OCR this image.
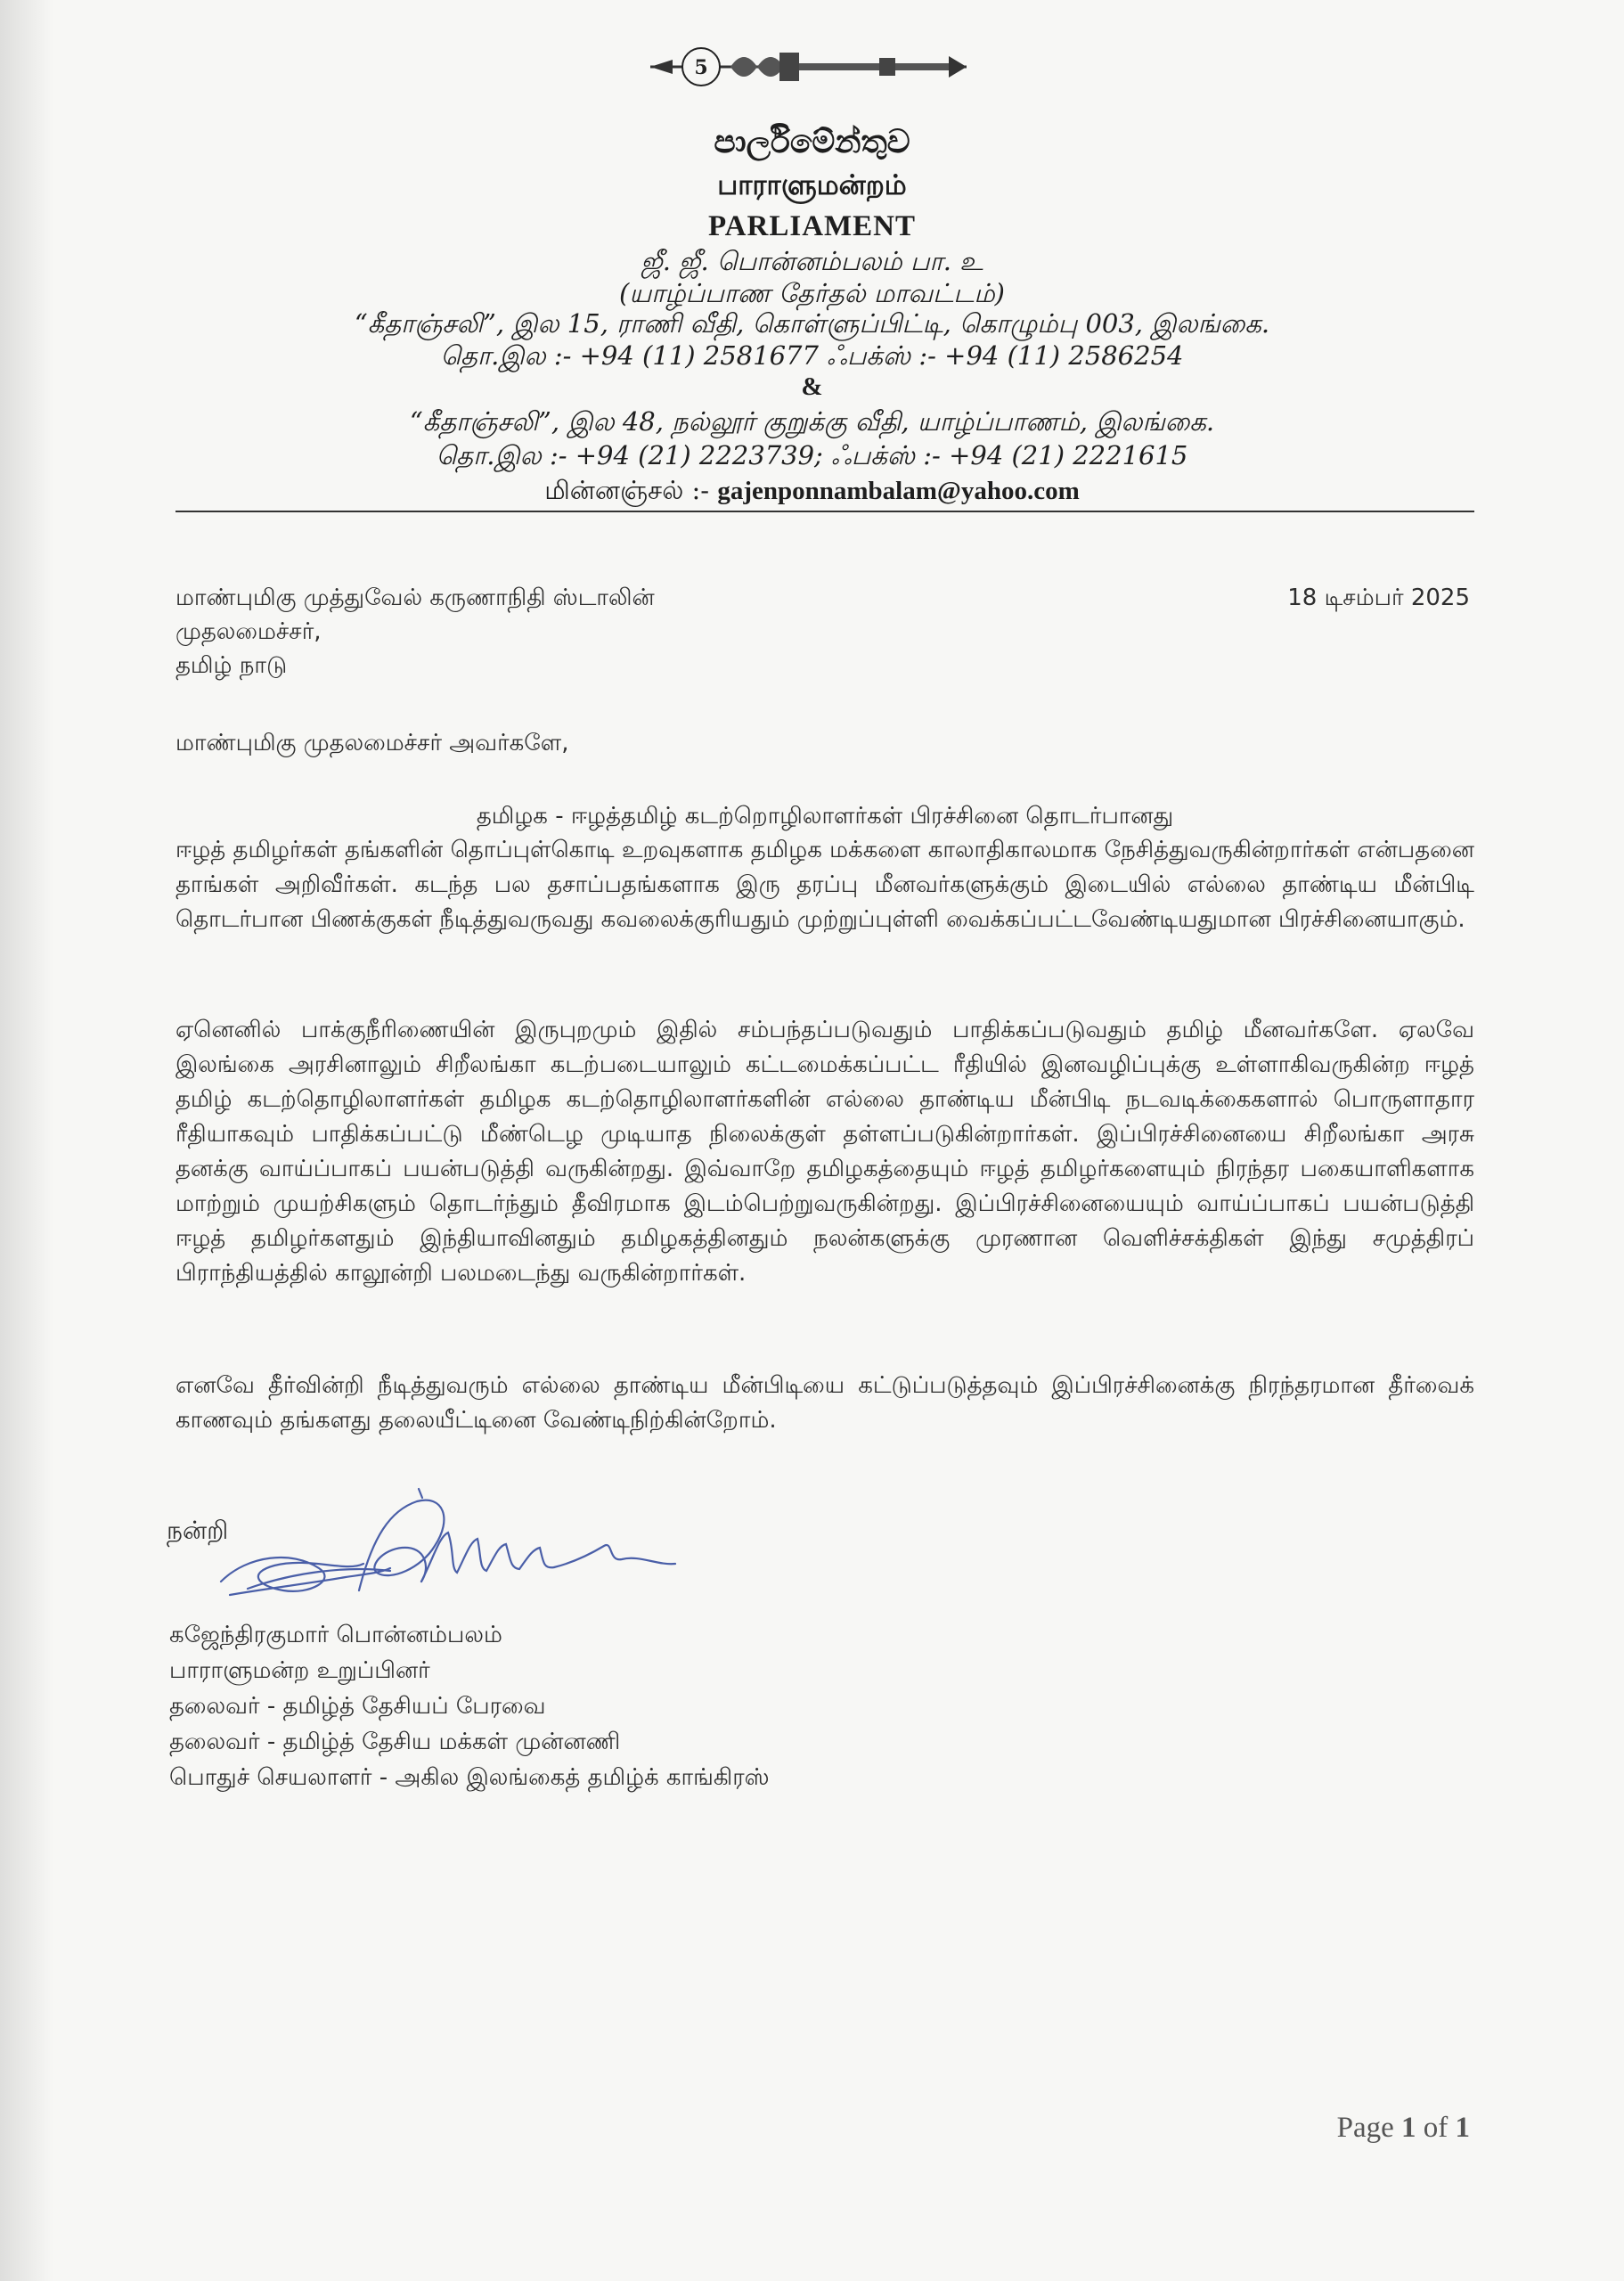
5
පාර්ලිමේන්තුව
பாராளுமன்றம்
PARLIAMENT
ஜீ. ஜீ. பொன்னம்பலம் பா. உ
(யாழ்ப்பாண தேர்தல் மாவட்டம்)
“கீதாஞ்சலி”, இல 15, ராணி வீதி, கொள்ளுப்பிட்டி, கொழும்பு 003, இலங்கை.
தொ.இல :- +94 (11) 2581677 ஃபக்ஸ் :- +94 (11) 2586254
&
“கீதாஞ்சலி”, இல 48, நல்லூர் குறுக்கு வீதி, யாழ்ப்பாணம், இலங்கை.
தொ.இல :- +94 (21) 2223739; ஃபக்ஸ் :- +94 (21) 2221615
மின்னஞ்சல் :- gajenponnambalam@yahoo.com
மாண்புமிகு முத்துவேல் கருணாநிதி ஸ்டாலின்
முதலமைச்சர்,
தமிழ் நாடு
18 டிசம்பர் 2025
மாண்புமிகு முதலமைச்சர் அவர்களே,
தமிழக - ஈழத்தமிழ் கடற்றொழிலாளர்கள் பிரச்சினை தொடர்பானது
ஈழத் தமிழர்கள் தங்களின் தொப்புள்கொடி உறவுகளாக தமிழக மக்களை காலாதிகாலமாக நேசித்துவருகின்றார்கள் என்பதனை தாங்கள் அறிவீர்கள். கடந்த பல தசாப்பதங்களாக இரு தரப்பு மீனவர்களுக்கும் இடையில் எல்லை தாண்டிய மீன்பிடி தொடர்பான பிணக்குகள் நீடித்துவருவது கவலைக்குரியதும் முற்றுப்புள்ளி வைக்கப்பட்டவேண்டியதுமான பிரச்சினையாகும்.
ஏனெனில் பாக்குநீரிணையின் இருபுறமும் இதில் சம்பந்தப்படுவதும் பாதிக்கப்படுவதும் தமிழ் மீனவர்களே. ஏலவே இலங்கை அரசினாலும் சிறீலங்கா கடற்படையாலும் கட்டமைக்கப்பட்ட ரீதியில் இனவழிப்புக்கு உள்ளாகிவருகின்ற ஈழத் தமிழ் கடற்தொழிலாளர்கள் தமிழக கடற்தொழிலாளர்களின் எல்லை தாண்டிய மீன்பிடி நடவடிக்கைகளால் பொருளாதார ரீதியாகவும் பாதிக்கப்பட்டு மீண்டெழ முடியாத நிலைக்குள் தள்ளப்படுகின்றார்கள். இப்பிரச்சினையை சிறீலங்கா அரசு தனக்கு வாய்ப்பாகப் பயன்படுத்தி வருகின்றது. இவ்வாறே தமிழகத்தையும் ஈழத் தமிழர்களையும் நிரந்தர பகையாளிகளாக மாற்றும் முயற்சிகளும் தொடர்ந்தும் தீவிரமாக இடம்பெற்றுவருகின்றது. இப்பிரச்சினையையும் வாய்ப்பாகப் பயன்படுத்தி ஈழத் தமிழர்களதும் இந்தியாவினதும் தமிழகத்தினதும் நலன்களுக்கு முரணான வெளிச்சக்திகள் இந்து சமுத்திரப் பிராந்தியத்தில் காலூன்றி பலமடைந்து வருகின்றார்கள்.
எனவே தீர்வின்றி நீடித்துவரும் எல்லை தாண்டிய மீன்பிடியை கட்டுப்படுத்தவும் இப்பிரச்சினைக்கு நிரந்தரமான தீர்வைக் காணவும் தங்களது தலையீட்டினை வேண்டிநிற்கின்றோம்.
நன்றி
கஜேந்திரகுமார் பொன்னம்பலம்
பாராளுமன்ற உறுப்பினர்
தலைவர் - தமிழ்த் தேசியப் பேரவை
தலைவர் - தமிழ்த் தேசிய மக்கள் முன்னணி
பொதுச் செயலாளர் - அகில இலங்கைத் தமிழ்க் காங்கிரஸ்
Page 1 of 1
